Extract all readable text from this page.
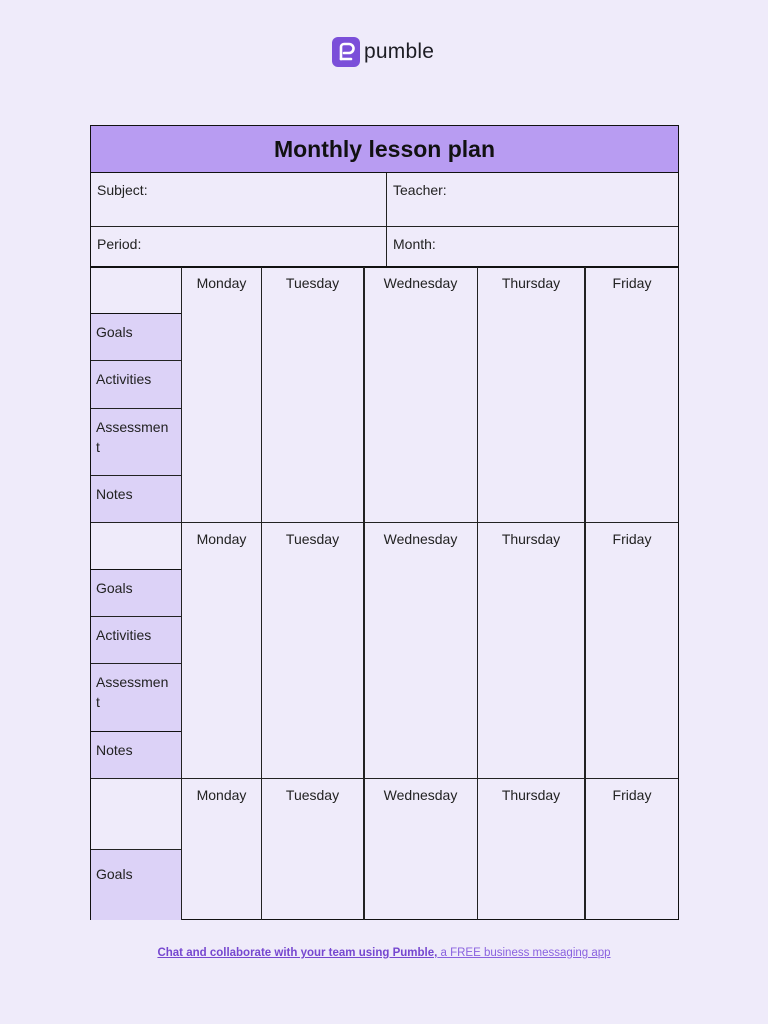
pumble
Monthly lesson plan
Subject:	Teacher:
Period:	Month:
Monday	Tuesday	Wednesday	Thursday	Friday
Goals
Activities
Assessmen
t
Notes
Monday	Tuesday	Wednesday	Thursday	Friday
Goals
Activities
Assessmen
t
Notes
Monday	Tuesday	Wednesday	Thursday	Friday
Goals
Chat and collaborate with your team using Pumble, a FREE business messaging app
